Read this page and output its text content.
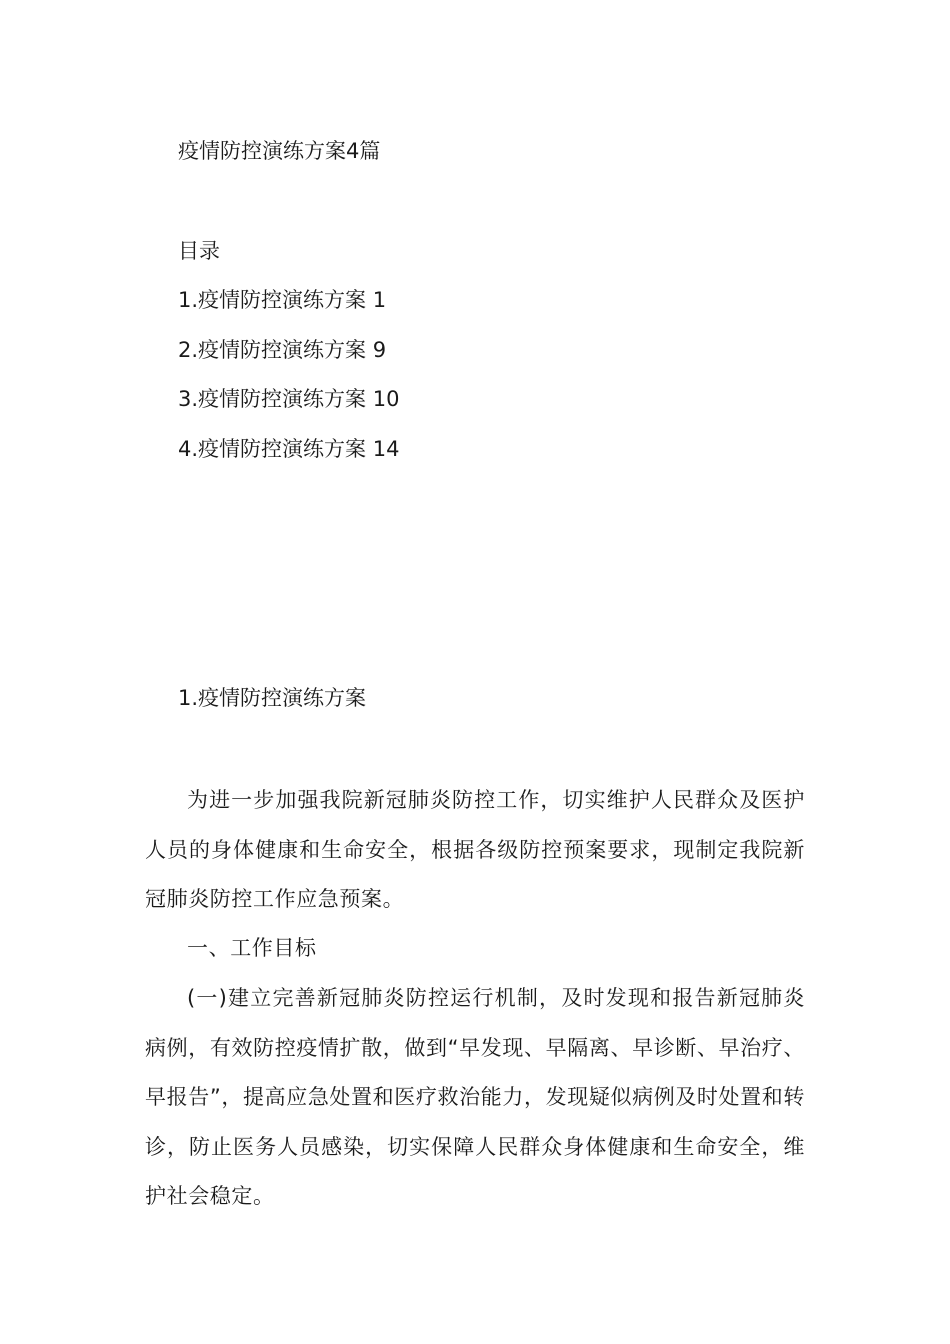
疫情防控演练方案4篇
目录
1.疫情防控演练方案 1
2.疫情防控演练方案 9
3.疫情防控演练方案 10
4.疫情防控演练方案 14
1.疫情防控演练方案

为进一步加强我院新冠肺炎防控工作，切实维护人民群众及医护人员的身体健康和生命安全，根据各级防控预案要求，现制定我院新冠肺炎防控工作应急预案。

一、工作目标

(一)建立完善新冠肺炎防控运行机制，及时发现和报告新冠肺炎病例，有效防控疫情扩散，做到“早发现、早隔离、早诊断、早治疗、早报告”，提高应急处置和医疗救治能力，发现疑似病例及时处置和转诊，防止医务人员感染，切实保障人民群众身体健康和生命安全，维护社会稳定。
